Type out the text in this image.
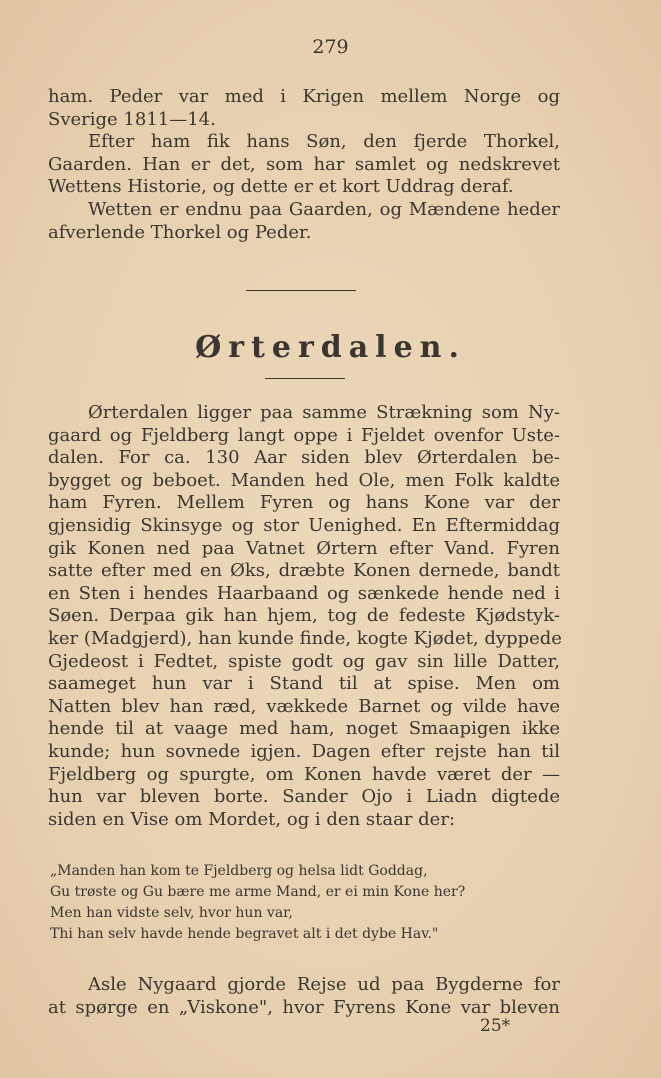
279
ham. Peder var med i Krigen mellem Norge og
Sverige 1811—14.
Efter ham fik hans Søn, den fjerde Thorkel,
Gaarden. Han er det, som har samlet og nedskrevet
Wettens Historie, og dette er et kort Uddrag deraf.
Wetten er endnu paa Gaarden, og Mændene heder
afverlende Thorkel og Peder.
Ørterdalen.
Ørterdalen ligger paa samme Strækning som Ny-
gaard og Fjeldberg langt oppe i Fjeldet ovenfor Uste-
dalen. For ca. 130 Aar siden blev Ørterdalen be-
bygget og beboet. Manden hed Ole, men Folk kaldte
ham Fyren. Mellem Fyren og hans Kone var der
gjensidig Skinsyge og stor Uenighed. En Eftermiddag
gik Konen ned paa Vatnet Ørtern efter Vand. Fyren
satte efter med en Øks, dræbte Konen dernede, bandt
en Sten i hendes Haarbaand og sænkede hende ned i
Søen. Derpaa gik han hjem, tog de fedeste Kjødstyk-
ker (Madgjerd), han kunde finde, kogte Kjødet, dyppede
Gjedeost i Fedtet, spiste godt og gav sin lille Datter,
saameget hun var i Stand til at spise. Men om
Natten blev han ræd, vækkede Barnet og vilde have
hende til at vaage med ham, noget Smaapigen ikke
kunde; hun sovnede igjen. Dagen efter rejste han til
Fjeldberg og spurgte, om Konen havde været der —
hun var bleven borte. Sander Ojo i Liadn digtede
siden en Vise om Mordet, og i den staar der:
„Manden han kom te Fjeldberg og helsa lidt Goddag,
Gu trøste og Gu bære me arme Mand, er ei min Kone her?
Men han vidste selv, hvor hun var,
Thi han selv havde hende begravet alt i det dybe Hav."
Asle Nygaard gjorde Rejse ud paa Bygderne for
at spørge en „Viskone", hvor Fyrens Kone var bleven
25*
